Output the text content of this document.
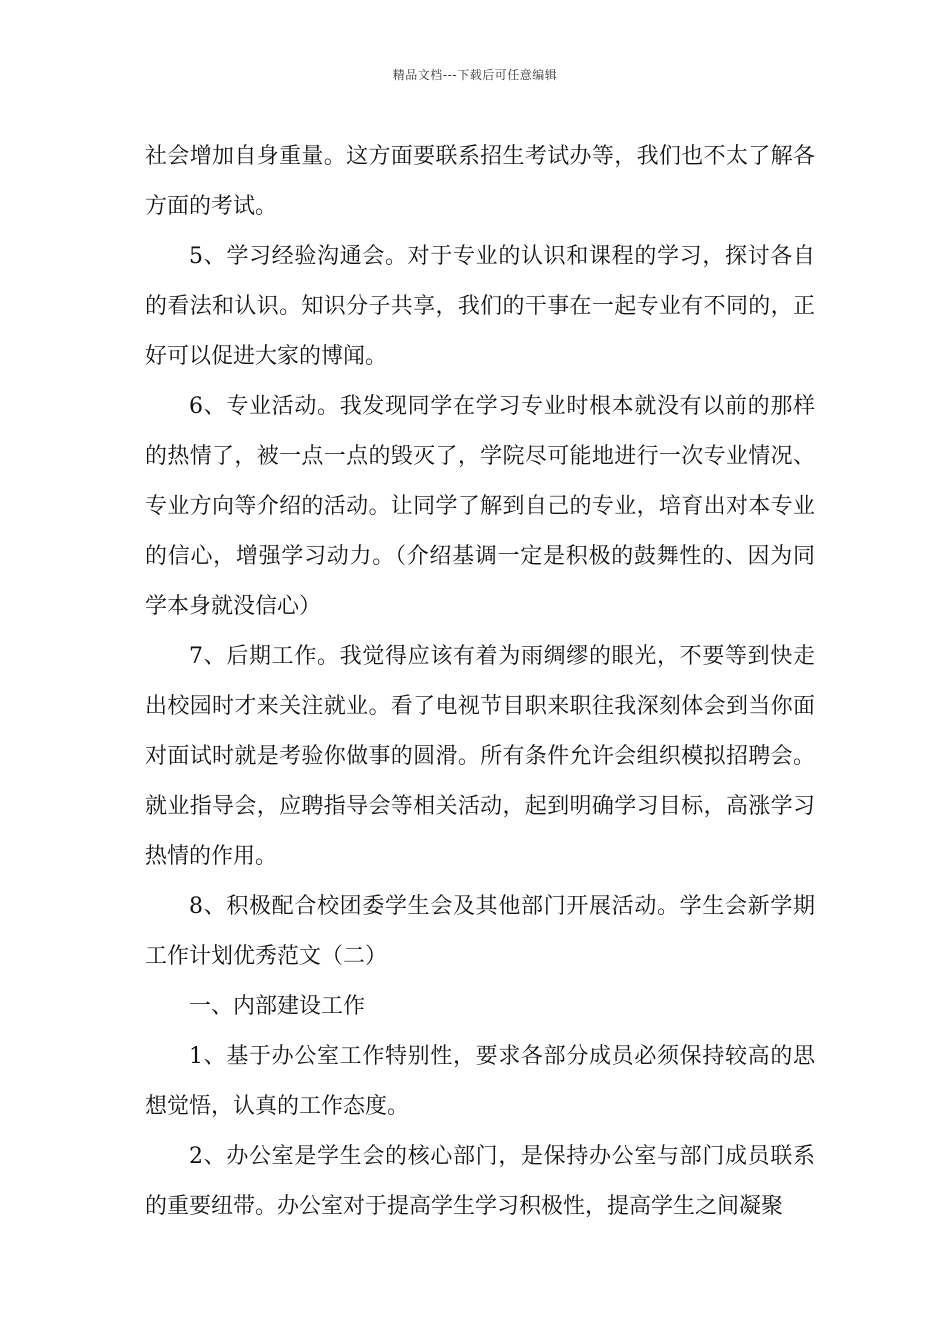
精品文档---下载后可任意编辑

社会增加自身重量。这方面要联系招生考试办等，我们也不太了解各方面的考试。

5、学习经验沟通会。对于专业的认识和课程的学习，探讨各自的看法和认识。知识分子共享，我们的干事在一起专业有不同的，正好可以促进大家的博闻。

6、专业活动。我发现同学在学习专业时根本就没有以前的那样的热情了，被一点一点的毁灭了，学院尽可能地进行一次专业情况、专业方向等介绍的活动。让同学了解到自己的专业，培育出对本专业的信心，增强学习动力。（介绍基调一定是积极的鼓舞性的、因为同学本身就没信心）

7、后期工作。我觉得应该有着为雨绸缪的眼光，不要等到快走出校园时才来关注就业。看了电视节目职来职往我深刻体会到当你面对面试时就是考验你做事的圆滑。所有条件允许会组织模拟招聘会。就业指导会，应聘指导会等相关活动，起到明确学习目标，高涨学习热情的作用。

8、积极配合校团委学生会及其他部门开展活动。学生会新学期工作计划优秀范文（二）

一、内部建设工作

1、基于办公室工作特别性，要求各部分成员必须保持较高的思想觉悟，认真的工作态度。

2、办公室是学生会的核心部门，是保持办公室与部门成员联系的重要纽带。办公室对于提高学生学习积极性，提高学生之间凝聚
